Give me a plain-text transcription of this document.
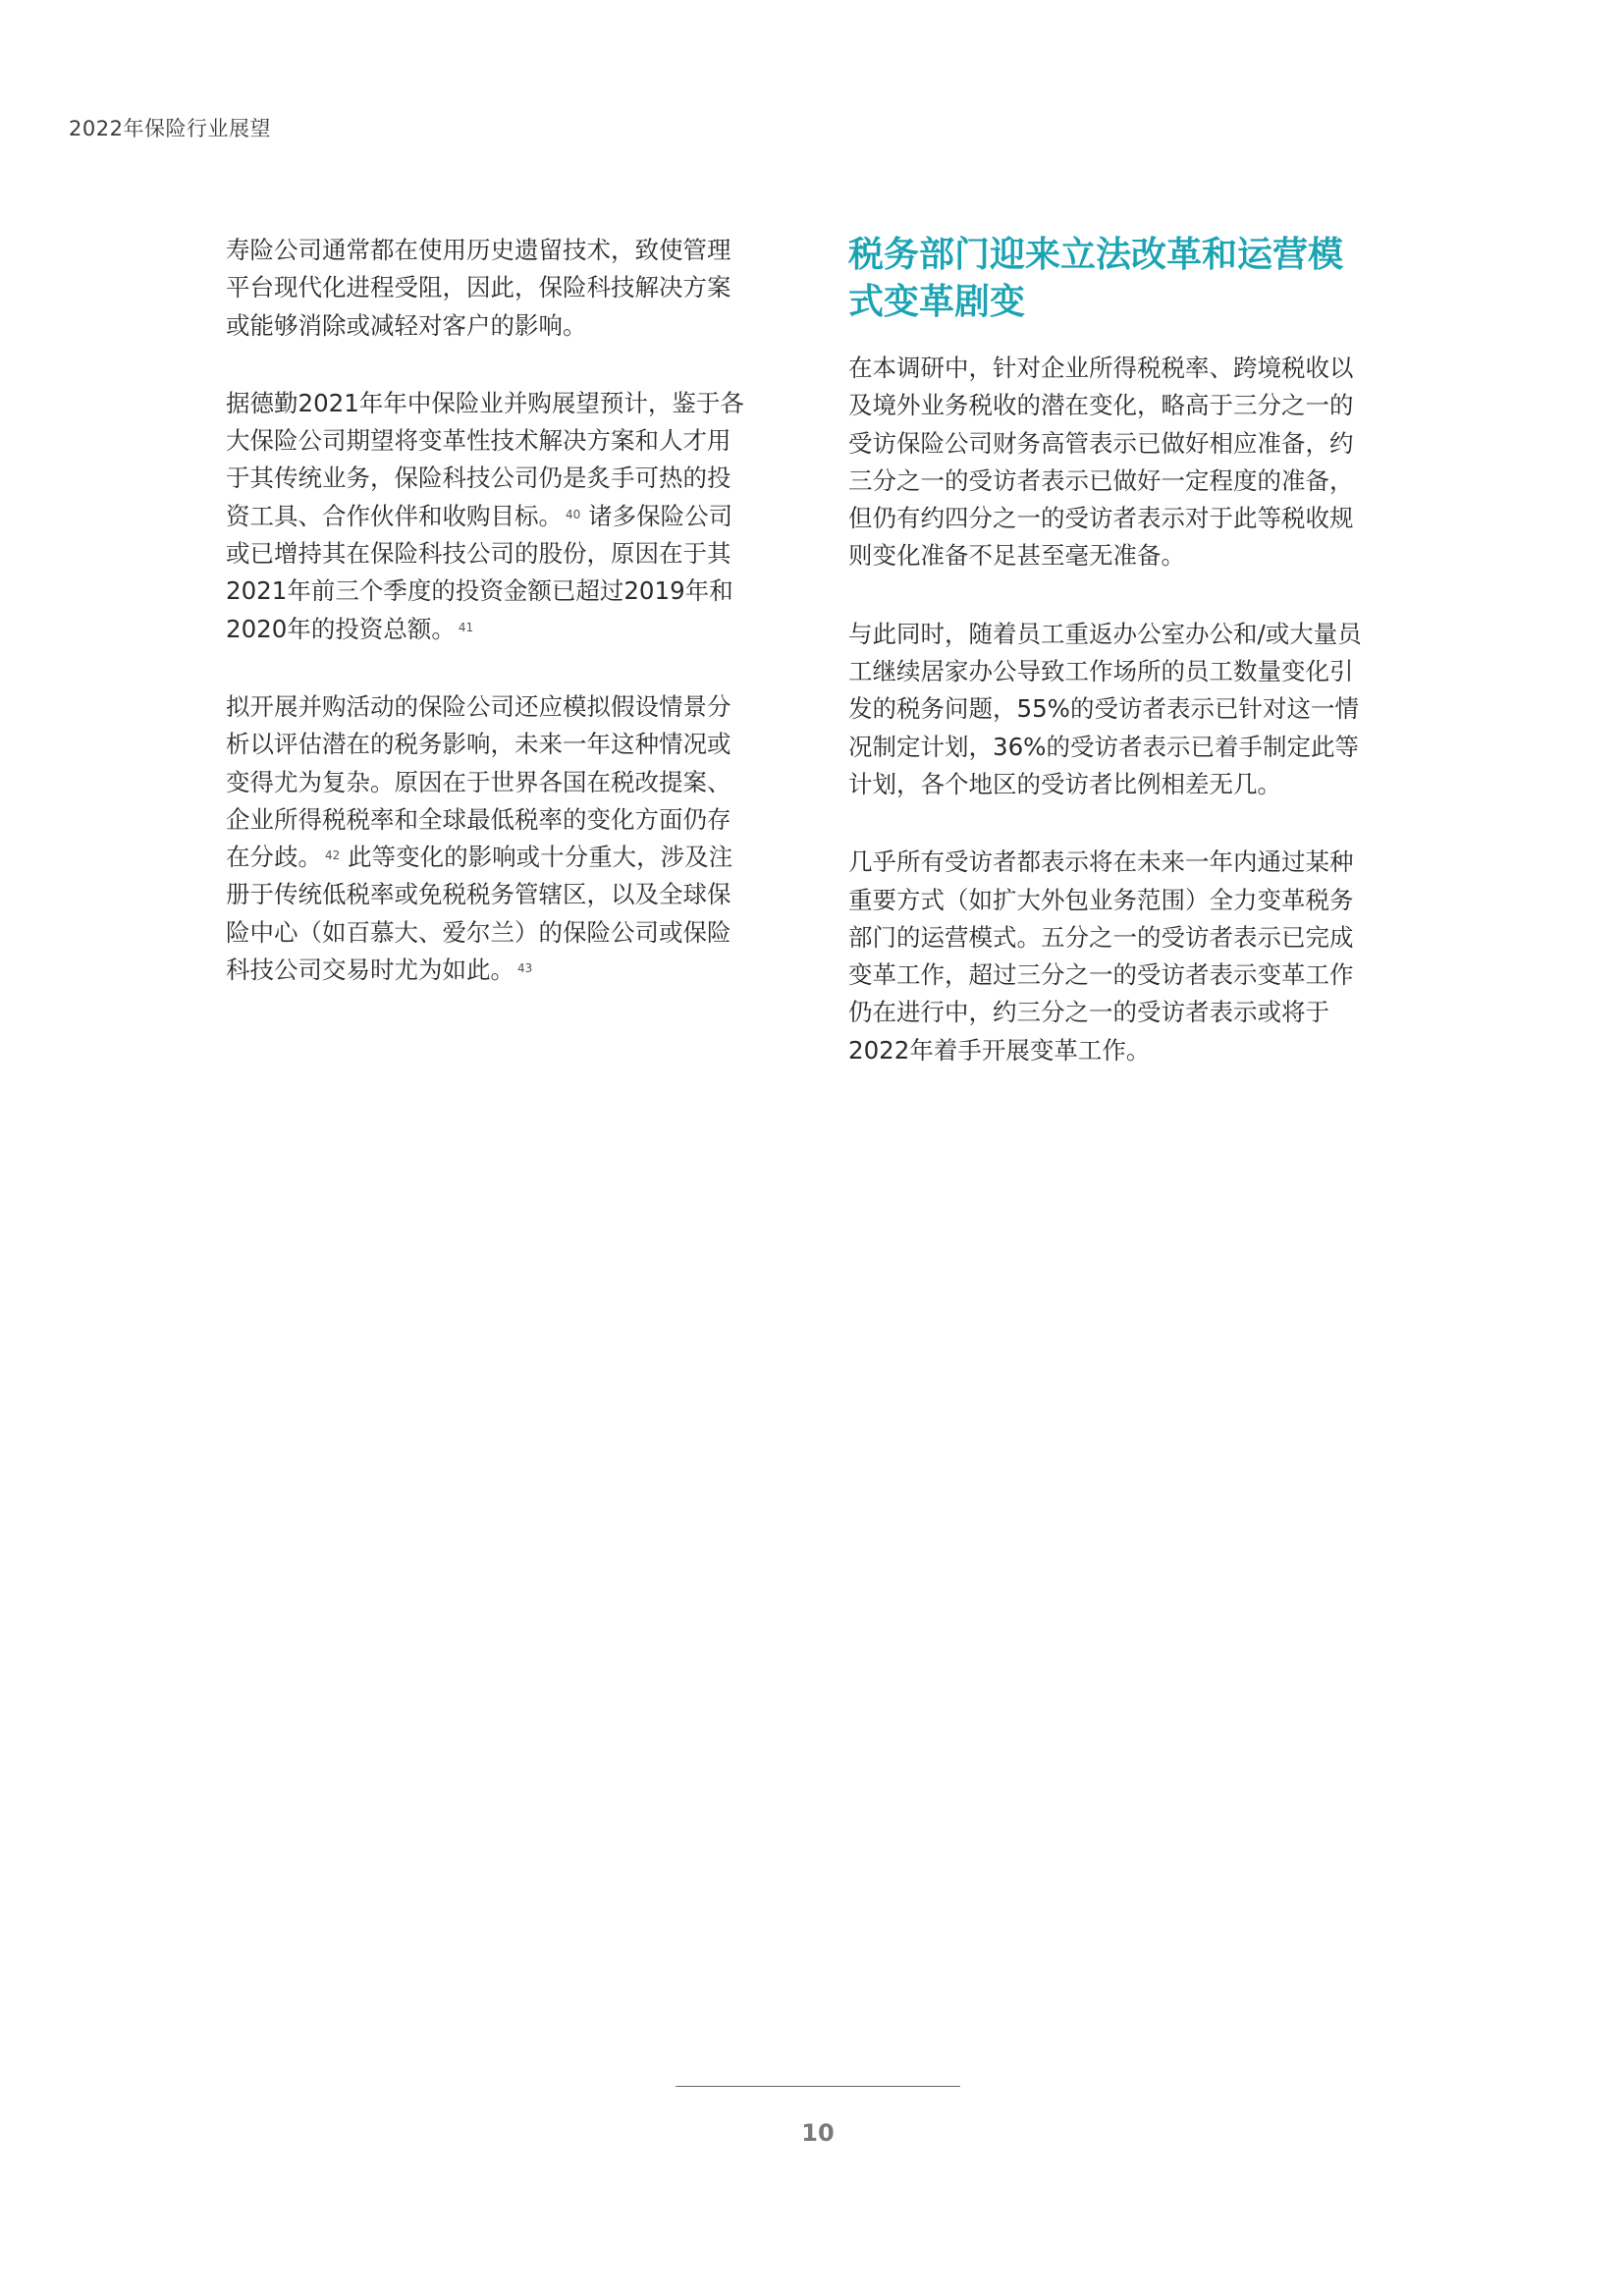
2022年保险行业展望

寿险公司通常都在使用历史遗留技术，致使管理
平台现代化进程受阻，因此，保险科技解决方案
或能够消除或减轻对客户的影响。

据德勤2021年年中保险业并购展望预计，鉴于各
大保险公司期望将变革性技术解决方案和人才用
于其传统业务，保险科技公司仍是炙手可热的投
资工具、合作伙伴和收购目标。 $^{40}$ 诸多保险公司
或已增持其在保险科技公司的股份，原因在于其
2021年前三个季度的投资金额已超过2019年和
2020年的投资总额。 $^{41}$

拟开展并购活动的保险公司还应模拟假设情景分
析以评估潜在的税务影响，未来一年这种情况或
变得尤为复杂。原因在于世界各国在税改提案、
企业所得税税率和全球最低税率的变化方面仍存
在分歧。 $^{42}$ 此等变化的影响或十分重大，涉及注
册于传统低税率或免税税务管辖区，以及全球保
险中心（如百慕大、爱尔兰）的保险公司或保险
科技公司交易时尤为如此。 $^{43}$

税务部门迎来立法改革和运营模
式变革剧变

在本调研中，针对企业所得税税率、跨境税收以
及境外业务税收的潜在变化，略高于三分之一的
受访保险公司财务高管表示已做好相应准备，约
三分之一的受访者表示已做好一定程度的准备，
但仍有约四分之一的受访者表示对于此等税收规
则变化准备不足甚至毫无准备。

与此同时，随着员工重返办公室办公和/或大量员
工继续居家办公导致工作场所的员工数量变化引
发的税务问题，55%的受访者表示已针对这一情
况制定计划，36%的受访者表示已着手制定此等
计划，各个地区的受访者比例相差无几。

几乎所有受访者都表示将在未来一年内通过某种
重要方式（如扩大外包业务范围）全力变革税务
部门的运营模式。五分之一的受访者表示已完成
变革工作，超过三分之一的受访者表示变革工作
仍在进行中，约三分之一的受访者表示或将于
2022年着手开展变革工作。

10
